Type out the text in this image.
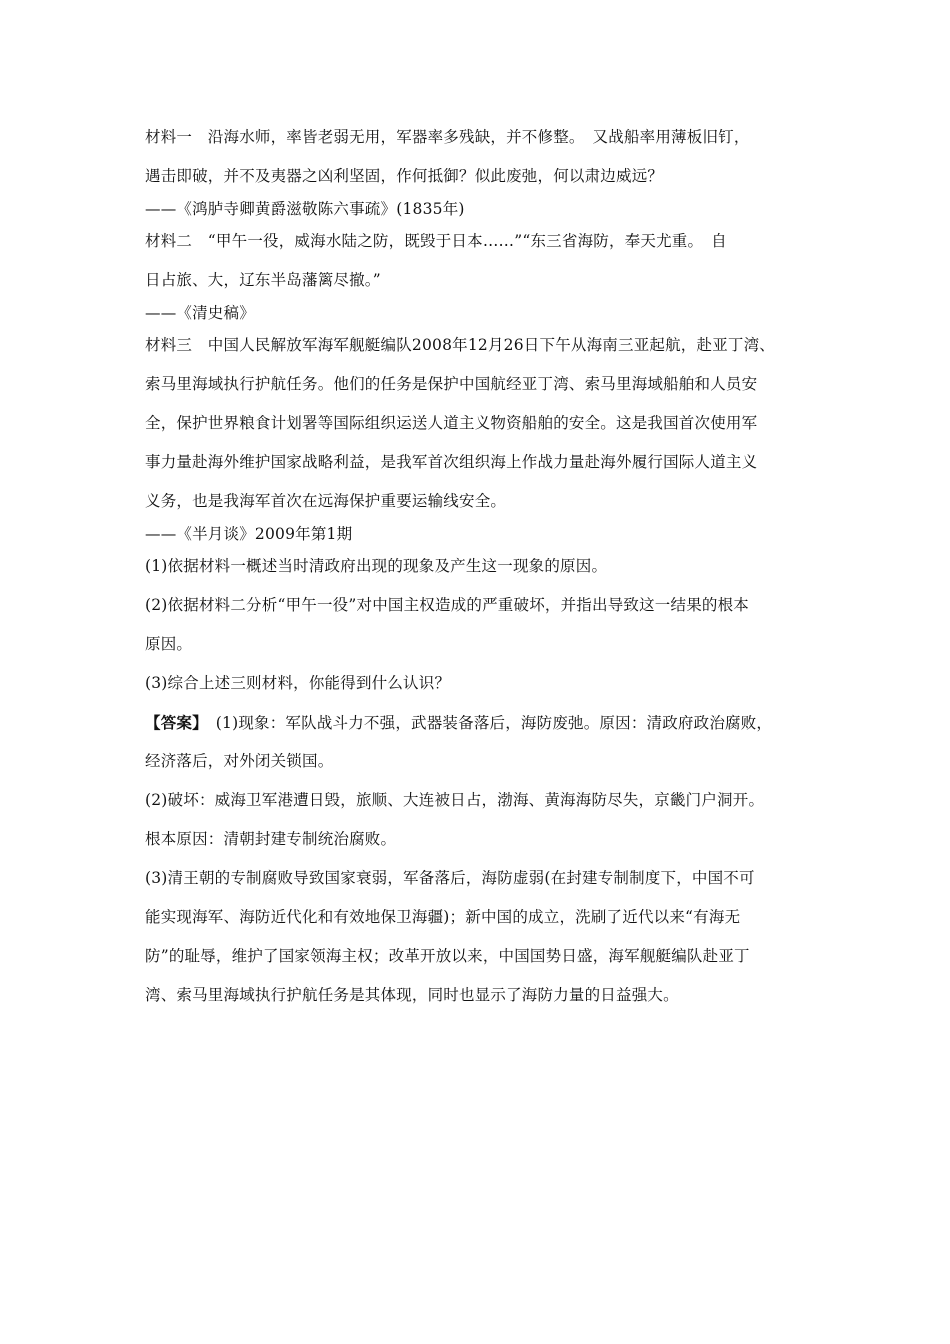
材料一　沿海水师，率皆老弱无用，军器率多残缺，并不修整。　又战船率用薄板旧钉，
遇击即破，并不及夷器之凶利坚固，作何抵御？似此废弛，何以肃边威远？
——《鸿胪寺卿黄爵滋敬陈六事疏》(1835年)
材料二　“甲午一役，威海水陆之防，既毁于日本……”“东三省海防，奉天尤重。　自
日占旅、大，辽东半岛藩篱尽撤。”
——《清史稿》
材料三　中国人民解放军海军舰艇编队2008年12月26日下午从海南三亚起航，赴亚丁湾、
索马里海域执行护航任务。他们的任务是保护中国航经亚丁湾、索马里海域船舶和人员安
全，保护世界粮食计划署等国际组织运送人道主义物资船舶的安全。这是我国首次使用军
事力量赴海外维护国家战略利益，是我军首次组织海上作战力量赴海外履行国际人道主义
义务，也是我海军首次在远海保护重要运输线安全。
——《半月谈》2009年第1期
(1)依据材料一概述当时清政府出现的现象及产生这一现象的原因。
(2)依据材料二分析“甲午一役”对中国主权造成的严重破坏，并指出导致这一结果的根本
原因。
(3)综合上述三则材料，你能得到什么认识？
【答案】　(1)现象：军队战斗力不强，武器装备落后，海防废弛。原因：清政府政治腐败，
经济落后，对外闭关锁国。
(2)破坏：威海卫军港遭日毁，旅顺、大连被日占，渤海、黄海海防尽失，京畿门户洞开。
根本原因：清朝封建专制统治腐败。
(3)清王朝的专制腐败导致国家衰弱，军备落后，海防虚弱(在封建专制制度下，中国不可
能实现海军、海防近代化和有效地保卫海疆)；新中国的成立，洗刷了近代以来“有海无
防”的耻辱，维护了国家领海主权；改革开放以来，中国国势日盛，海军舰艇编队赴亚丁
湾、索马里海域执行护航任务是其体现，同时也显示了海防力量的日益强大。
